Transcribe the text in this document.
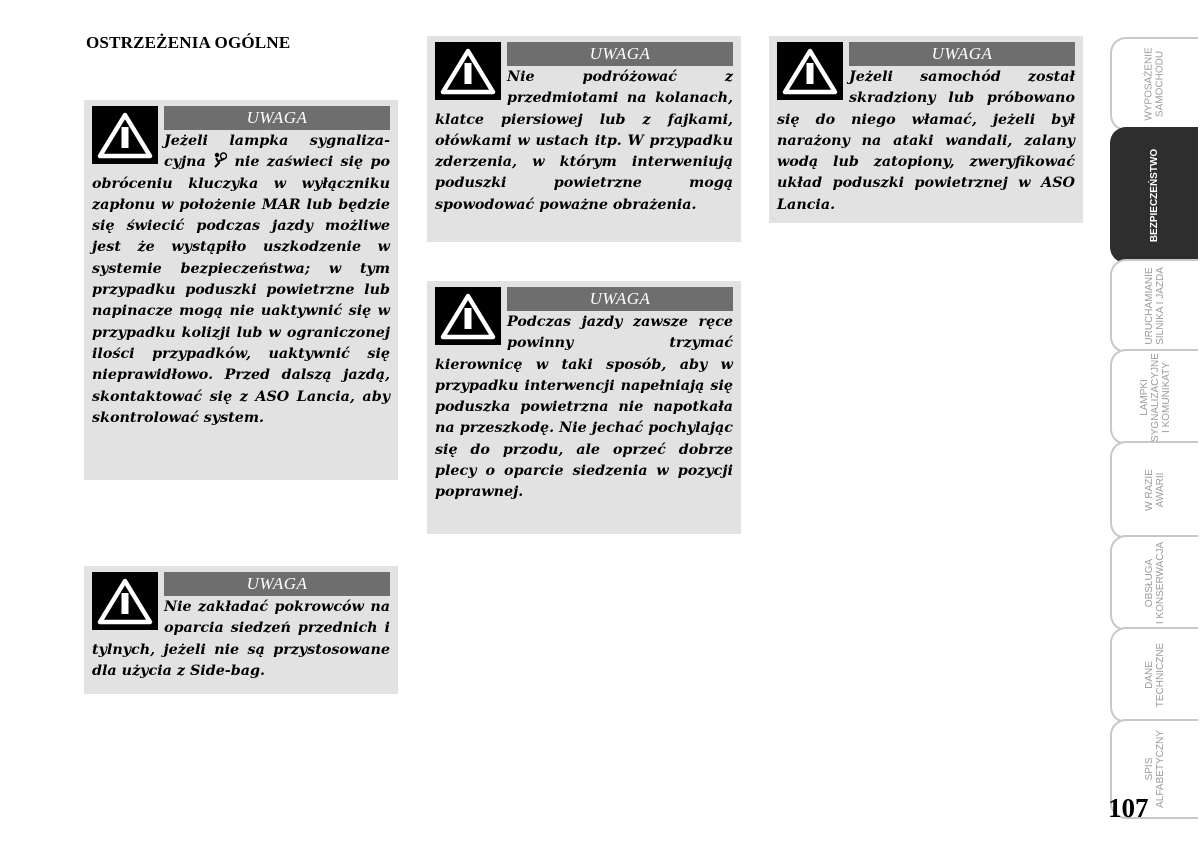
OSTRZEŻENIA OGÓLNE
UWAGA
Jeżeli lampka sygnalizacyjna  nie zaświeci się po obróceniu kluczyka w wyłączniku zapłonu w położenie MAR lub będzie się świecić podczas jazdy możliwe jest że wystąpiło uszkodzenie w systemie bezpieczeństwa; w tym przypadku poduszki powietrzne lub napinacze mogą nie uaktywnić się w przypadku kolizji lub w ograniczonej ilości przypadków, uaktywnić się nieprawidłowo. Przed dalszą jazdą, skontaktować się z ASO Lancia, aby skontrolować system.
UWAGA
Nie zakładać pokrowców na oparcia siedzeń przednich i tylnych, jeżeli nie są przystosowane dla użycia z Side-bag.
UWAGA
Nie podróżować z przedmiotami na kolanach, klatce piersiowej lub z fajkami, ołówkami w ustach itp. W przypadku zderzenia, w którym interweniują poduszki powietrzne mogą spowodować poważne obrażenia.
UWAGA
Podczas jazdy zawsze ręce powinny trzymać kierownicę w taki sposób, aby w przypadku interwencji napełniają się poduszka powietrzna nie napotkała na przeszkodę. Nie jechać pochylając się do przodu, ale oprzeć dobrze plecy o oparcie siedzenia w pozycji poprawnej.
UWAGA
Jeżeli samochód został skradziony lub próbowano się do niego włamać, jeżeli był narażony na ataki wandali, zalany wodą lub zatopiony, zweryfikować układ poduszki powietrznej w ASO Lancia.
WYPOSAŻENIE
SAMOCHODU
BEZPIECZEŃSTWO
URUCHAMIANIE
SILNIKA I JAZDA
LAMPKI
SYGNALIZACYJNE
I KOMUNIKATY
W RAZIE
AWARII
OBSŁUGA
I KONSERWACJA
DANE
TECHNICZNE
SPIS
ALFABETYCZNY
107
